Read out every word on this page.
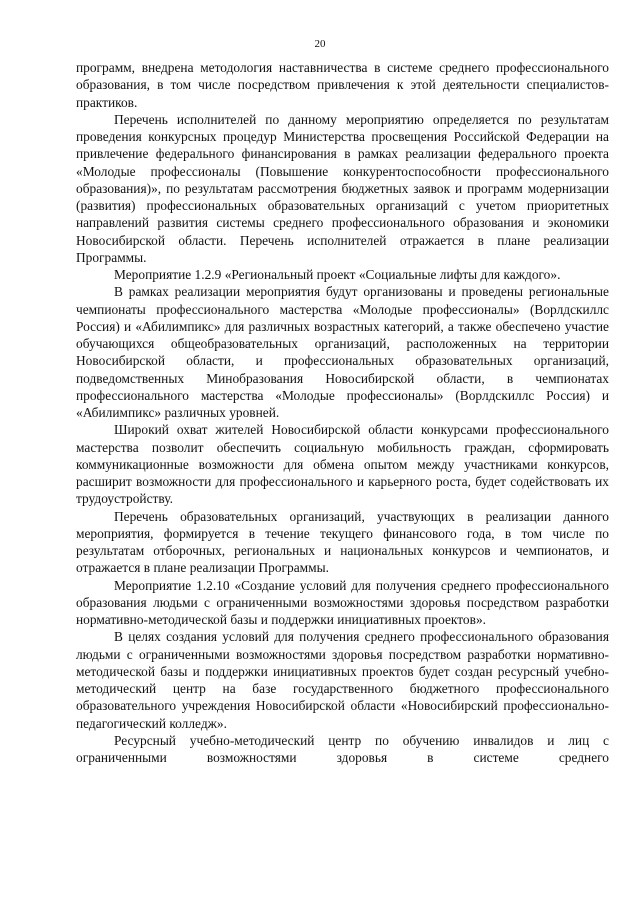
20

программ, внедрена методология наставничества в системе среднего профессионального образования, в том числе посредством привлечения к этой деятельности специалистов-практиков.

Перечень исполнителей по данному мероприятию определяется по результатам проведения конкурсных процедур Министерства просвещения Российской Федерации на привлечение федерального финансирования в рамках реализации федерального проекта «Молодые профессионалы (Повышение конкурентоспособности профессионального образования)», по результатам рассмотрения бюджетных заявок и программ модернизации (развития) профессиональных образовательных организаций с учетом приоритетных направлений развития системы среднего профессионального образования и экономики Новосибирской области. Перечень исполнителей отражается в плане реализации Программы.

Мероприятие 1.2.9 «Региональный проект «Социальные лифты для каждого».

В рамках реализации мероприятия будут организованы и проведены региональные чемпионаты профессионального мастерства «Молодые профессионалы» (Ворлдскиллс Россия) и «Абилимпикс» для различных возрастных категорий, а также обеспечено участие обучающихся общеобразовательных организаций, расположенных на территории Новосибирской области, и профессиональных образовательных организаций, подведомственных Минобразования Новосибирской области, в чемпионатах профессионального мастерства «Молодые профессионалы» (Ворлдскиллс Россия) и «Абилимпикс» различных уровней.

Широкий охват жителей Новосибирской области конкурсами профессионального мастерства позволит обеспечить социальную мобильность граждан, сформировать коммуникационные возможности для обмена опытом между участниками конкурсов, расширит возможности для профессионального и карьерного роста, будет содействовать их трудоустройству.

Перечень образовательных организаций, участвующих в реализации данного мероприятия, формируется в течение текущего финансового года, в том числе по результатам отборочных, региональных и национальных конкурсов и чемпионатов, и отражается в плане реализации Программы.

Мероприятие 1.2.10 «Создание условий для получения среднего профессионального образования людьми с ограниченными возможностями здоровья посредством разработки нормативно-методической базы и поддержки инициативных проектов».

В целях создания условий для получения среднего профессионального образования людьми с ограниченными возможностями здоровья посредством разработки нормативно-методической базы и поддержки инициативных проектов будет создан ресурсный учебно-методический центр на базе государственного бюджетного профессионального образовательного учреждения Новосибирской области «Новосибирский профессионально-педагогический колледж».

Ресурсный учебно-методический центр по обучению инвалидов и лиц с ограниченными возможностями здоровья в системе среднего
